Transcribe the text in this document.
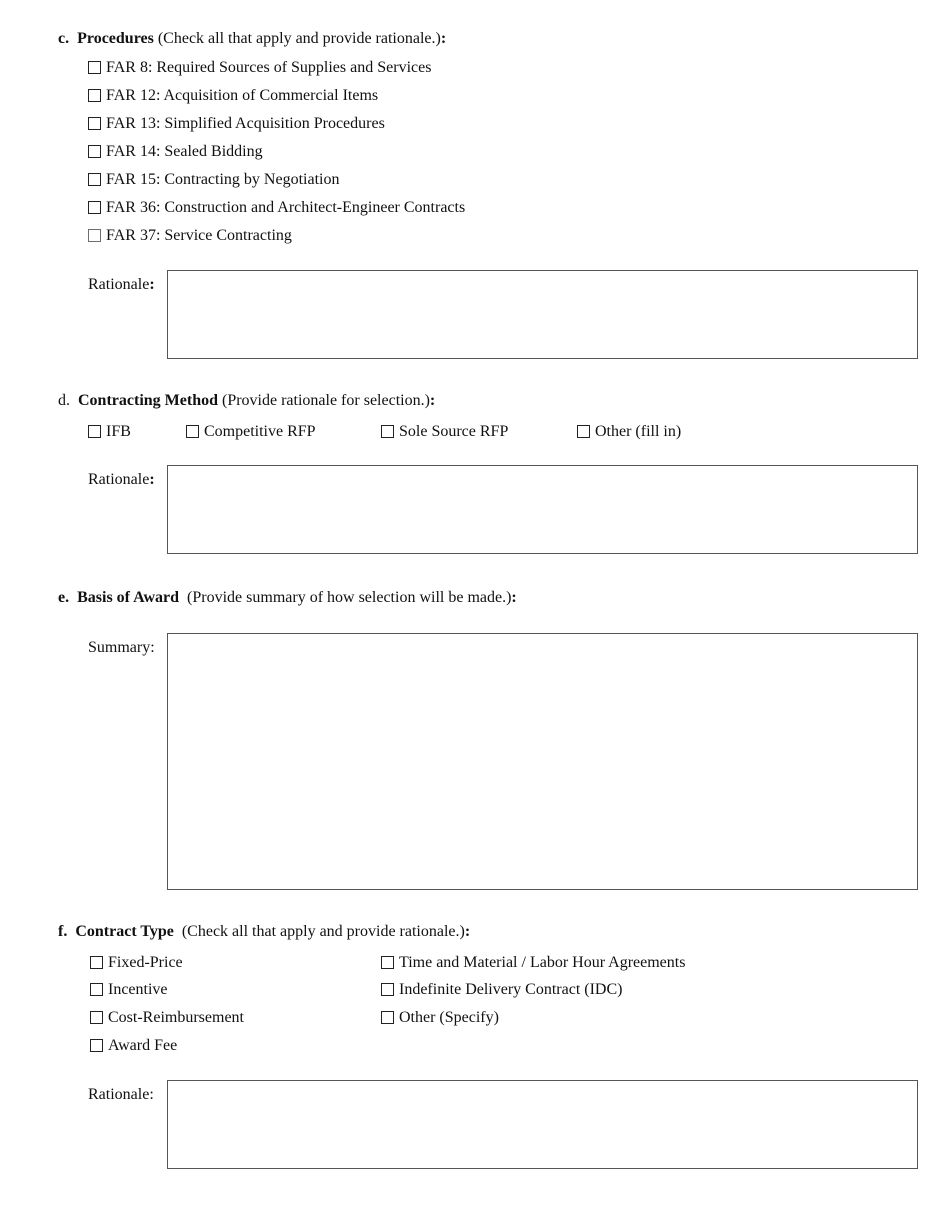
c. Procedures (Check all that apply and provide rationale.):
FAR 8: Required Sources of Supplies and Services
FAR 12: Acquisition of Commercial Items
FAR 13: Simplified Acquisition Procedures
FAR 14: Sealed Bidding
FAR 15: Contracting by Negotiation
FAR 36: Construction and Architect-Engineer Contracts
FAR 37: Service Contracting
Rationale:
d. Contracting Method (Provide rationale for selection.):
IFB	Competitive RFP	Sole Source RFP	Other (fill in)
Rationale:
e. Basis of Award (Provide summary of how selection will be made.):
Summary:
f. Contract Type (Check all that apply and provide rationale.):
Fixed-Price
Incentive
Cost-Reimbursement
Award Fee
Time and Material / Labor Hour Agreements
Indefinite Delivery Contract (IDC)
Other (Specify)
Rationale:
